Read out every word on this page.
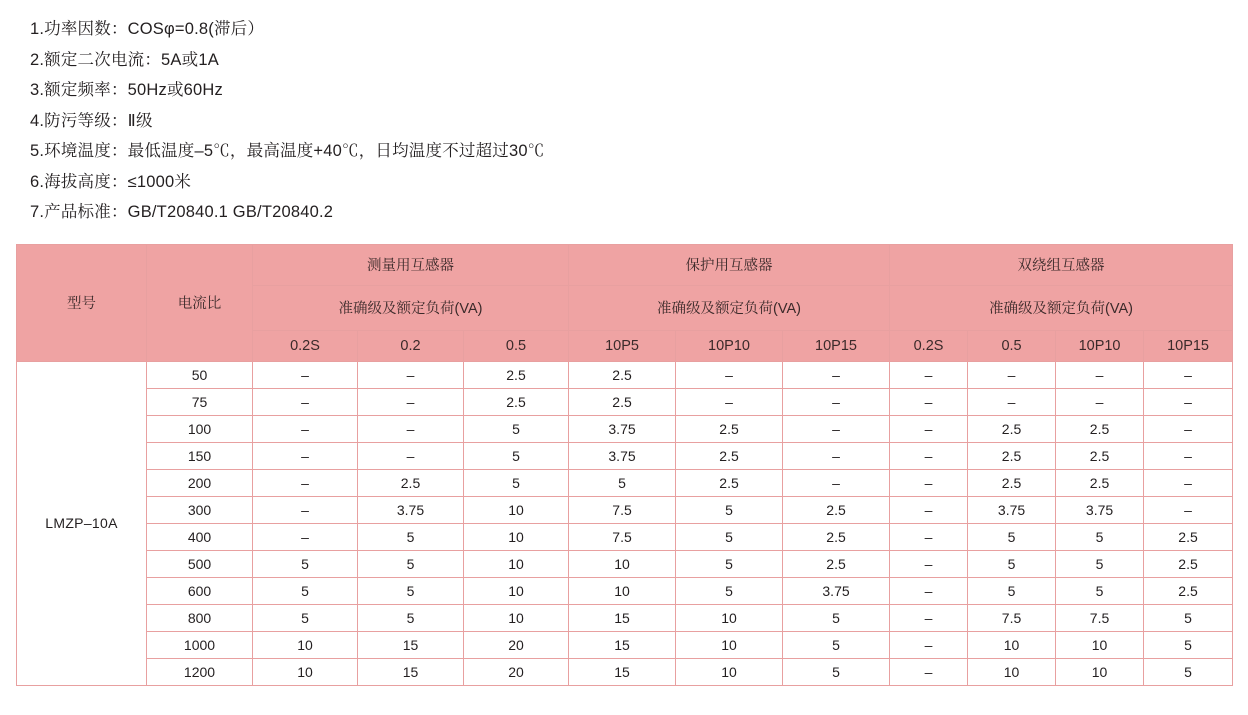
1.功率因数：COSφ=0.8(滞后）
2.额定二次电流：5A或1A
3.额定频率：50Hz或60Hz
4.防污等级：Ⅱ级
5.环境温度：最低温度–5℃，最高温度+40℃，日均温度不过超过30℃
6.海拔高度：≤1000米
7.产品标准：GB/T20840.1 GB/T20840.2
型号	电流比	测量用互感器			保护用互感器			双绕组互感器			
		准确级及额定负荷(VA)			准确级及额定负荷(VA)			准确级及额定负荷(VA)			
		0.2S	0.2	0.5	10P5	10P10	10P15	0.2S	0.5	10P10	10P15
LMZP–10A	50	–	–	2.5	2.5	–	–	–	–	–	–
	75	–	–	2.5	2.5	–	–	–	–	–	–
	100	–	–	5	3.75	2.5	–	–	2.5	2.5	–
	150	–	–	5	3.75	2.5	–	–	2.5	2.5	–
	200	–	2.5	5	5	2.5	–	–	2.5	2.5	–
	300	–	3.75	10	7.5	5	2.5	–	3.75	3.75	–
	400	–	5	10	7.5	5	2.5	–	5	5	2.5
	500	5	5	10	10	5	2.5	–	5	5	2.5
	600	5	5	10	10	5	3.75	–	5	5	2.5
	800	5	5	10	15	10	5	–	7.5	7.5	5
	1000	10	15	20	15	10	5	–	10	10	5
	1200	10	15	20	15	10	5	–	10	10	5
